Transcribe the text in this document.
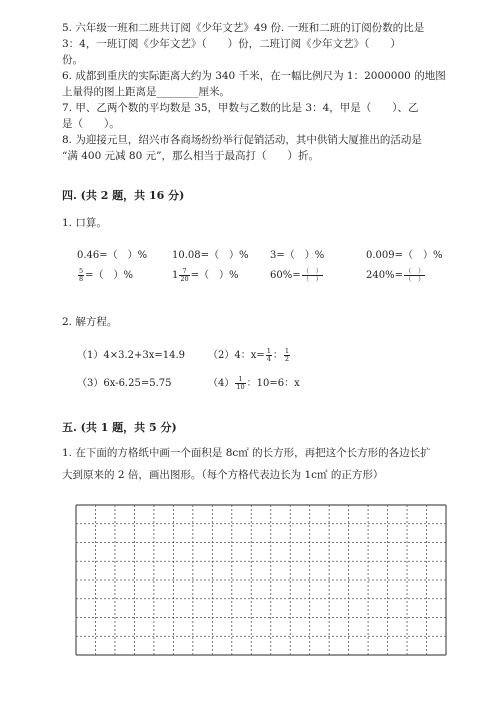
5. 六年级一班和二班共订阅《少年文艺》49 份. 一班和二班的订阅份数的比是
3：4，一班订阅《少年文艺》（　　）份，二班订阅《少年文艺》（　　）
份。
6. 成都到重庆的实际距离大约为 340 千米，在一幅比例尺为 1：2000000 的地图
上量得的图上距离是________厘米。
7. 甲、乙两个数的平均数是 35，甲数与乙数的比是 3：4，甲是（　　）、乙
是（　　）。
8. 为迎接元旦，绍兴市各商场纷纷举行促销活动，其中供销大厦推出的活动是
“满 400 元减 80 元”，那么相当于最高打（　　）折。
四. (共 2 题，共 16 分)
1. 口算。
0.46=（　）% 10.08=（　）% 3=（　）%	0.009=（　）%
$\frac{5}{8}$ =（　）%	$1 \frac{7}{20}$ =（　）%	$60\%= \frac{( )}{( )}$	$240\%= \frac{( )}{( )}$
2. 解方程。
（1）4×3.2+3x=14.9 （2）4：$x= \frac{1}{4}$ ： $\frac{1}{2}$
（3）6x-6.25=5.75	$(4) \frac{1}{10}$ ：10=6：x
五. (共 1 题，共 5 分)
1. 在下面的方格纸中画一个面积是 8c㎡ 的长方形，再把这个长方形的各边长扩
大到原来的 2 倍，画出图形。（每个方格代表边长为 1c㎡ 的正方形）
